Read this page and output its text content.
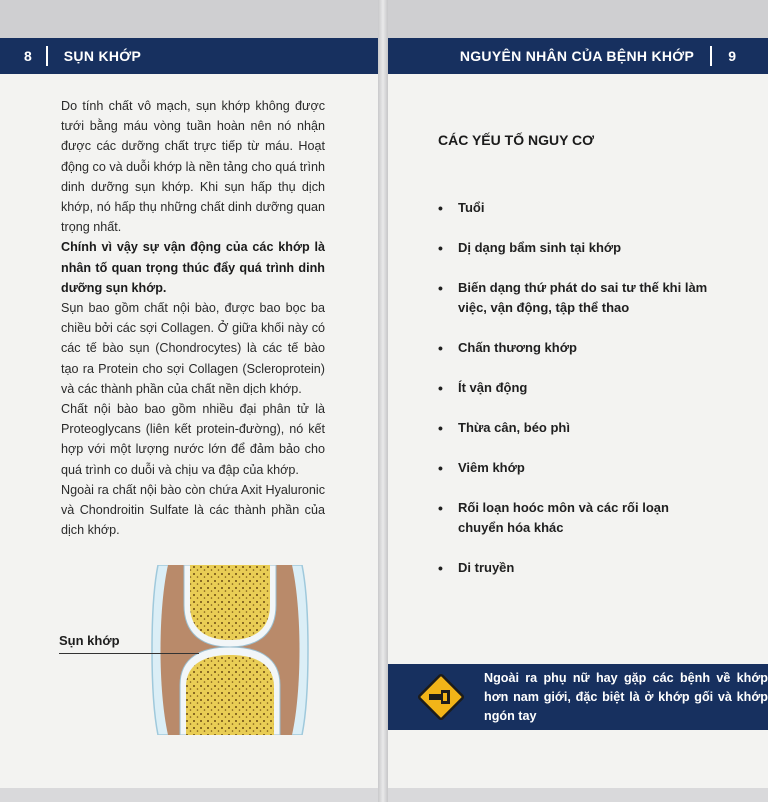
8	SỤN KHỚP

Do tính chất vô mạch, sụn khớp không được tưới bằng máu vòng tuần hoàn nên nó nhận được các dưỡng chất trực tiếp từ máu. Hoạt động co và duỗi khớp là nền tảng cho quá trình dinh dưỡng sụn khớp. Khi sụn hấp thụ dịch khớp, nó hấp thụ những chất dinh dưỡng quan trọng nhất.

Chính vì vậy sự vận động của các khớp là nhân tố quan trọng thúc đẩy quá trình dinh dưỡng sụn khớp.

Sụn bao gồm chất nội bào, được bao bọc ba chiều bởi các sợi Collagen. Ở giữa khối này có các tế bào sụn (Chondrocytes) là các tế bào tạo ra Protein cho sợi Collagen (Scleroprotein) và các thành phần của chất nền dịch khớp.

Chất nội bào bao gồm nhiều đại phân tử là Proteoglycans (liên kết protein-đường), nó kết hợp với một lượng nước lớn để đảm bảo cho quá trình co duỗi và chịu va đập của khớp.

Ngoài ra chất nội bào còn chứa Axit Hyaluronic và Chondroitin Sulfate là các thành phần của dịch khớp.

Sụn khớp
NGUYÊN NHÂN CỦA BỆNH KHỚP	9
CÁC YẾU TỐ NGUY CƠ
• Tuổi
• Dị dạng bẩm sinh tại khớp
• Biến dạng thứ phát do sai tư thế khi làm việc, vận động, tập thể thao
• Chấn thương khớp
• Ít vận động
• Thừa cân, béo phì
• Viêm khớp
• Rối loạn hoóc môn và các rối loạn chuyển hóa khác
• Di truyền
Ngoài ra phụ nữ hay gặp các bệnh về khớp hơn nam giới, đặc biệt là ở khớp gối và khớp ngón tay
